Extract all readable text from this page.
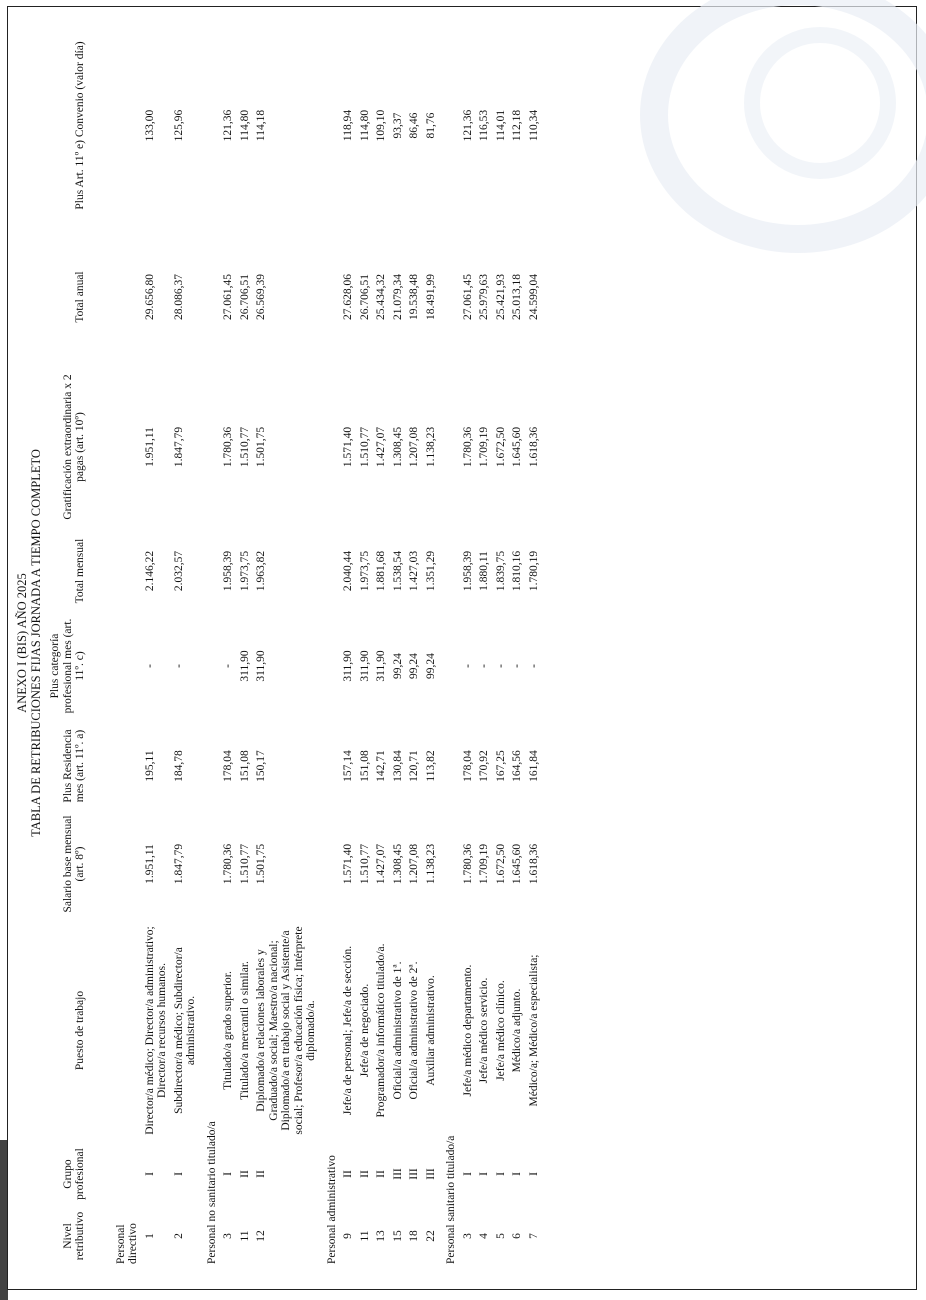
ANEXO I (BIS) AÑO 2025 TABLA DE RETRIBUCIONES FIJAS JORNADA A TIEMPO COMPLETO
Nivel retributivo	Grupo profesional	Puesto de trabajo	Salario base mensual (art. 8º)	Plus Residencia mes (art. 11º. a)	Plus categoría profesional mes (art. 11º. c)	Total mensual	Gratificación extraordinaria x 2 pagas (art. 10º)	Total anual	Plus Art. 11º e) Convenio (valor día)
Personal directivo									
1	I	Director/a médico; Director/a administrativo; Director/a recursos humanos.	1.951,11	195,11	-	2.146,22	1.951,11	29.656,80	133,00
2	I	Subdirector/a médico; Subdirector/a administrativo.	1.847,79	184,78	-	2.032,57	1.847,79	28.086,37	125,96
Personal no sanitario titulado/a									
3	I	Titulado/a grado superior.	1.780,36	178,04	-	1.958,39	1.780,36	27.061,45	121,36
11	II	Titulado/a mercantil o similar.	1.510,77	151,08	311,90	1.973,75	1.510,77	26.706,51	114,80
12	II	Diplomado/a relaciones laborales y Graduado/a social; Maestro/a nacional; Diplomado/a en trabajo social y Asistente/a social; Profesor/a educación física; Intérprete diplomado/a.	1.501,75	150,17	311,90	1.963,82	1.501,75	26.569,39	114,18
Personal administrativo									
9	II	Jefe/a de personal; Jefe/a de sección.	1.571,40	157,14	311,90	2.040,44	1.571,40	27.628,06	118,94
11	II	Jefe/a de negociado.	1.510,77	151,08	311,90	1.973,75	1.510,77	26.706,51	114,80
13	II	Programador/a informático titulado/a.	1.427,07	142,71	311,90	1.881,68	1.427,07	25.434,32	109,10
15	III	Oficial/a administrativo de 1ª.	1.308,45	130,84	99,24	1.538,54	1.308,45	21.079,34	93,37
18	III	Oficial/a administrativo de 2ª.	1.207,08	120,71	99,24	1.427,03	1.207,08	19.538,48	86,46
22	III	Auxiliar administrativo.	1.138,23	113,82	99,24	1.351,29	1.138,23	18.491,99	81,76
Personal sanitario titulado/a									
3	I	Jefe/a médico departamento.	1.780,36	178,04	-	1.958,39	1.780,36	27.061,45	121,36
4	I	Jefe/a médico servicio.	1.709,19	170,92	-	1.880,11	1.709,19	25.979,63	116,53
5	I	Jefe/a médico clínico.	1.672,50	167,25	-	1.839,75	1.672,50	25.421,93	114,01
6	I	Médico/a adjunto.	1.645,60	164,56	-	1.810,16	1.645,60	25.013,18	112,18
7	I	Médico/a; Médico/a especialista;	1.618,36	161,84	-	1.780,19	1.618,36	24.599,04	110,34
